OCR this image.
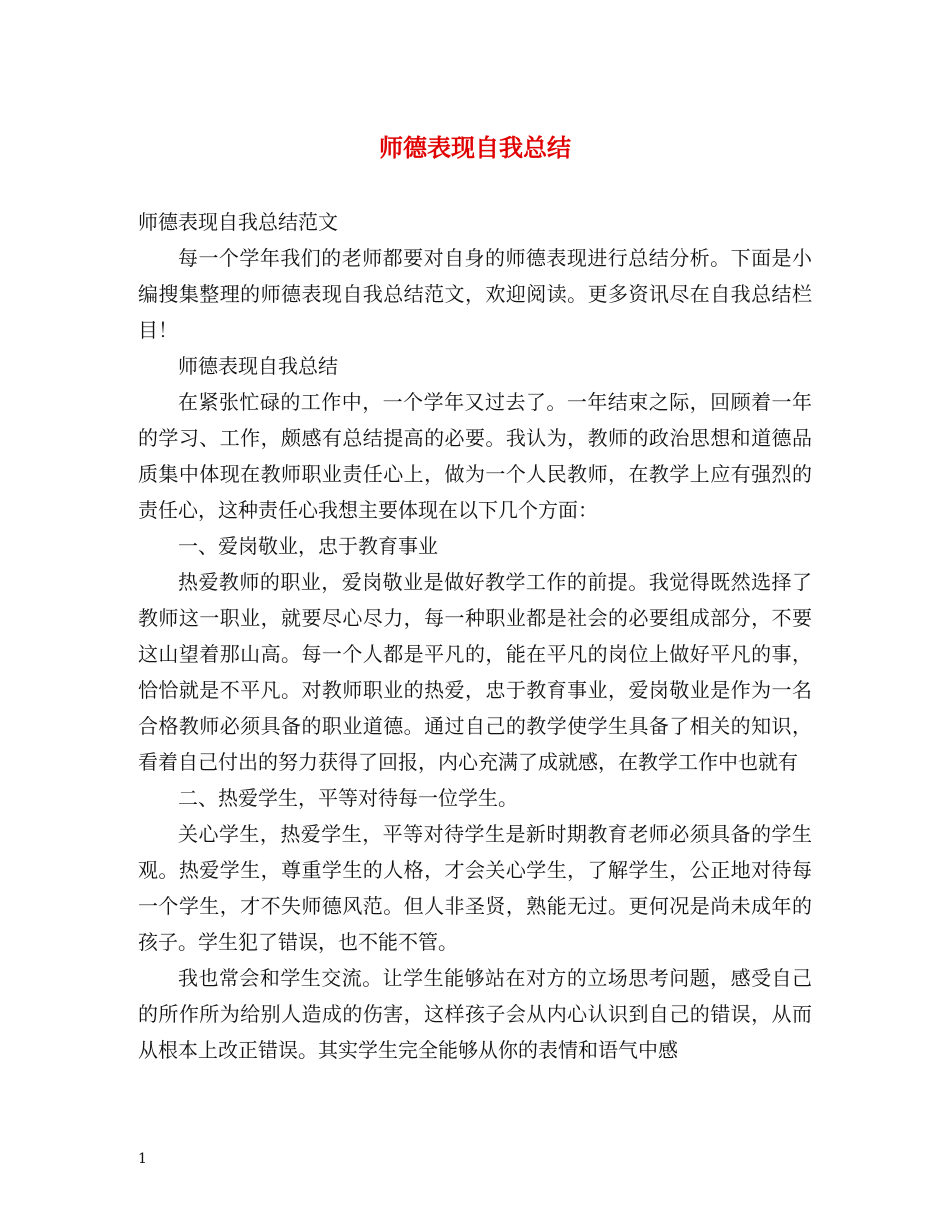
师德表现自我总结

师德表现自我总结范文

每一个学年我们的老师都要对自身的师德表现进行总结分析。下面是小编搜集整理的师德表现自我总结范文，欢迎阅读。更多资讯尽在自我总结栏目！

师德表现自我总结

在紧张忙碌的工作中，一个学年又过去了。一年结束之际，回顾着一年的学习、工作，颇感有总结提高的必要。我认为，教师的政治思想和道德品质集中体现在教师职业责任心上，做为一个人民教师，在教学上应有强烈的责任心，这种责任心我想主要体现在以下几个方面：

一、爱岗敬业，忠于教育事业

热爱教师的职业，爱岗敬业是做好教学工作的前提。我觉得既然选择了教师这一职业，就要尽心尽力，每一种职业都是社会的必要组成部分，不要这山望着那山高。每一个人都是平凡的，能在平凡的岗位上做好平凡的事，恰恰就是不平凡。对教师职业的热爱，忠于教育事业，爱岗敬业是作为一名合格教师必须具备的职业道德。通过自己的教学使学生具备了相关的知识，看着自己付出的努力获得了回报，内心充满了成就感，在教学工作中也就有

二、热爱学生，平等对待每一位学生。

关心学生，热爱学生，平等对待学生是新时期教育老师必须具备的学生观。热爱学生，尊重学生的人格，才会关心学生，了解学生，公正地对待每一个学生，才不失师德风范。但人非圣贤，熟能无过。更何况是尚未成年的孩子。学生犯了错误，也不能不管。

我也常会和学生交流。让学生能够站在对方的立场思考问题，感受自己的所作所为给别人造成的伤害，这样孩子会从内心认识到自己的错误，从而从根本上改正错误。其实学生完全能够从你的表情和语气中感

1
